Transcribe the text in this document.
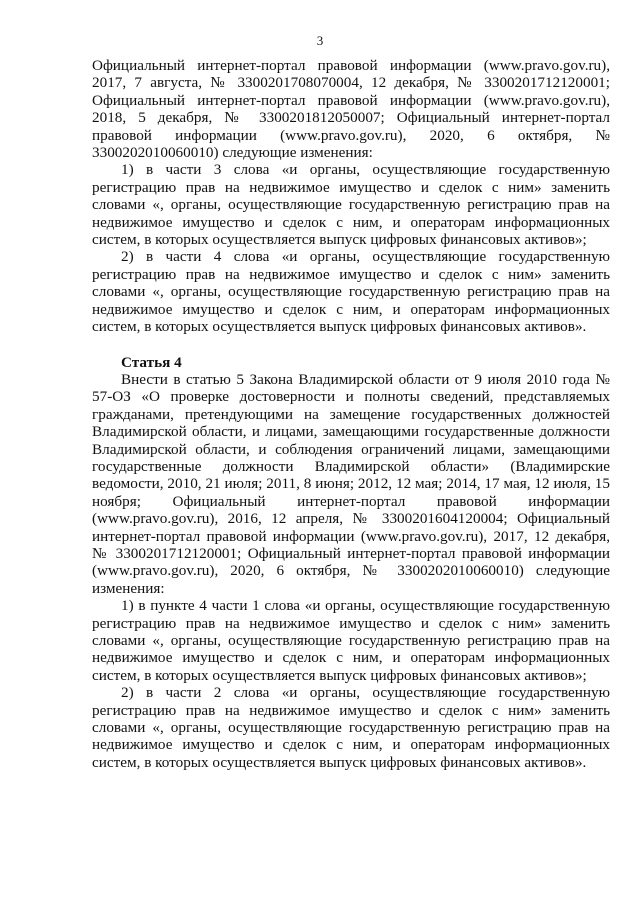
3

Официальный интернет-портал правовой информации (www.pravo.gov.ru), 2017, 7 августа, № 3300201708070004, 12 декабря, № 3300201712120001; Официальный интернет-портал правовой информации (www.pravo.gov.ru), 2018, 5 декабря, № 3300201812050007; Официальный интернет-портал правовой информации (www.pravo.gov.ru), 2020, 6 октября, № 3300202010060010) следующие изменения:

1) в части 3 слова «и органы, осуществляющие государственную регистрацию прав на недвижимое имущество и сделок с ним» заменить словами «, органы, осуществляющие государственную регистрацию прав на недвижимое имущество и сделок с ним, и операторам информационных систем, в которых осуществляется выпуск цифровых финансовых активов»;

2) в части 4 слова «и органы, осуществляющие государственную регистрацию прав на недвижимое имущество и сделок с ним» заменить словами «, органы, осуществляющие государственную регистрацию прав на недвижимое имущество и сделок с ним, и операторам информационных систем, в которых осуществляется выпуск цифровых финансовых активов».

Статья 4

Внести в статью 5 Закона Владимирской области от 9 июля 2010 года № 57-ОЗ «О проверке достоверности и полноты сведений, представляемых гражданами, претендующими на замещение государственных должностей Владимирской области, и лицами, замещающими государственные должности Владимирской области, и соблюдения ограничений лицами, замещающими государственные должности Владимирской области» (Владимирские ведомости, 2010, 21 июля; 2011, 8 июня; 2012, 12 мая; 2014, 17 мая, 12 июля, 15 ноября; Официальный интернет-портал правовой информации (www.pravo.gov.ru), 2016, 12 апреля, № 3300201604120004; Официальный интернет-портал правовой информации (www.pravo.gov.ru), 2017, 12 декабря, № 3300201712120001; Официальный интернет-портал правовой информации (www.pravo.gov.ru), 2020, 6 октября, № 3300202010060010) следующие изменения:

1) в пункте 4 части 1 слова «и органы, осуществляющие государственную регистрацию прав на недвижимое имущество и сделок с ним» заменить словами «, органы, осуществляющие государственную регистрацию прав на недвижимое имущество и сделок с ним, и операторам информационных систем, в которых осуществляется выпуск цифровых финансовых активов»;

2) в части 2 слова «и органы, осуществляющие государственную регистрацию прав на недвижимое имущество и сделок с ним» заменить словами «, органы, осуществляющие государственную регистрацию прав на недвижимое имущество и сделок с ним, и операторам информационных систем, в которых осуществляется выпуск цифровых финансовых активов».
